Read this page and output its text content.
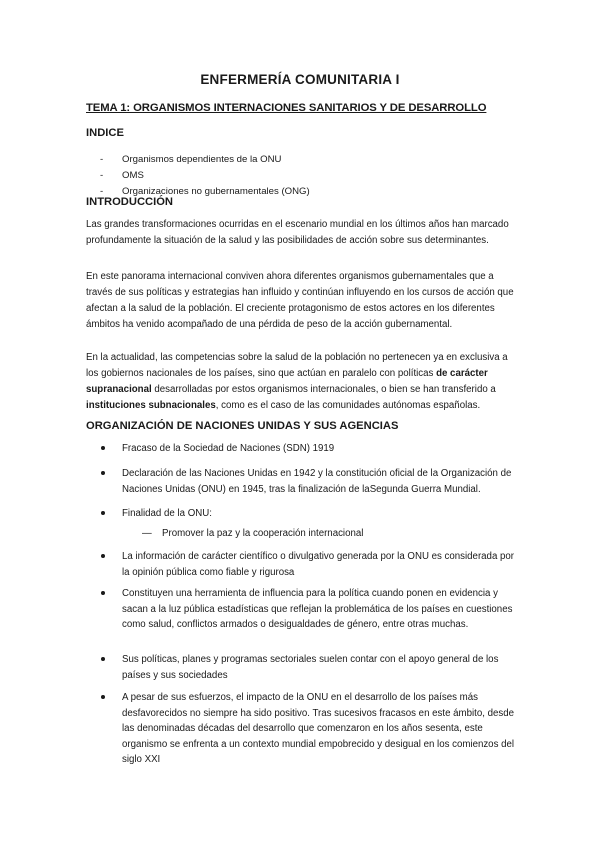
ENFERMERÍA COMUNITARIA I
TEMA 1: ORGANISMOS INTERNACIONES SANITARIOS Y DE DESARROLLO
INDICE
- Organismos dependientes de la ONU
- OMS
- Organizaciones no gubernamentales (ONG)
INTRODUCCIÓN

Las grandes transformaciones ocurridas en el escenario mundial en los últimos años han marcado profundamente la situación de la salud y las posibilidades de acción sobre sus determinantes.

En este panorama internacional conviven ahora diferentes organismos gubernamentales que a través de sus políticas y estrategias han influido y continúan influyendo en los cursos de acción que afectan a la salud de la población. El creciente protagonismo de estos actores en los diferentes ámbitos ha venido acompañado de una pérdida de peso de la acción gubernamental.

En la actualidad, las competencias sobre la salud de la población no pertenecen ya en exclusiva a los gobiernos nacionales de los países, sino que actúan en paralelo con políticas de carácter supranacional desarrolladas por estos organismos internacionales, o bien se han transferido a instituciones subnacionales, como es el caso de las comunidades autónomas españolas.

ORGANIZACIÓN DE NACIONES UNIDAS Y SUS AGENCIAS
Fracaso de la Sociedad de Naciones (SDN) 1919
Declaración de las Naciones Unidas en 1942 y la constitución oficial de la Organización de Naciones Unidas (ONU) en 1945, tras la finalización de laSegunda Guerra Mundial.
Finalidad de la ONU:
— Promover la paz y la cooperación internacional
La información de carácter científico o divulgativo generada por la ONU es considerada por la opinión pública como fiable y rigurosa
Constituyen una herramienta de influencia para la política cuando ponen en evidencia y sacan a la luz pública estadísticas que reflejan la problemática de los países en cuestiones como salud, conflictos armados o desigualdades de género, entre otras muchas.
Sus políticas, planes y programas sectoriales suelen contar con el apoyo general de los países y sus sociedades
A pesar de sus esfuerzos, el impacto de la ONU en el desarrollo de los países más desfavorecidos no siempre ha sido positivo. Tras sucesivos fracasos en este ámbito, desde las denominadas décadas del desarrollo que comenzaron en los años sesenta, este organismo se enfrenta a un contexto mundial empobrecido y desigual en los comienzos del siglo XXI
